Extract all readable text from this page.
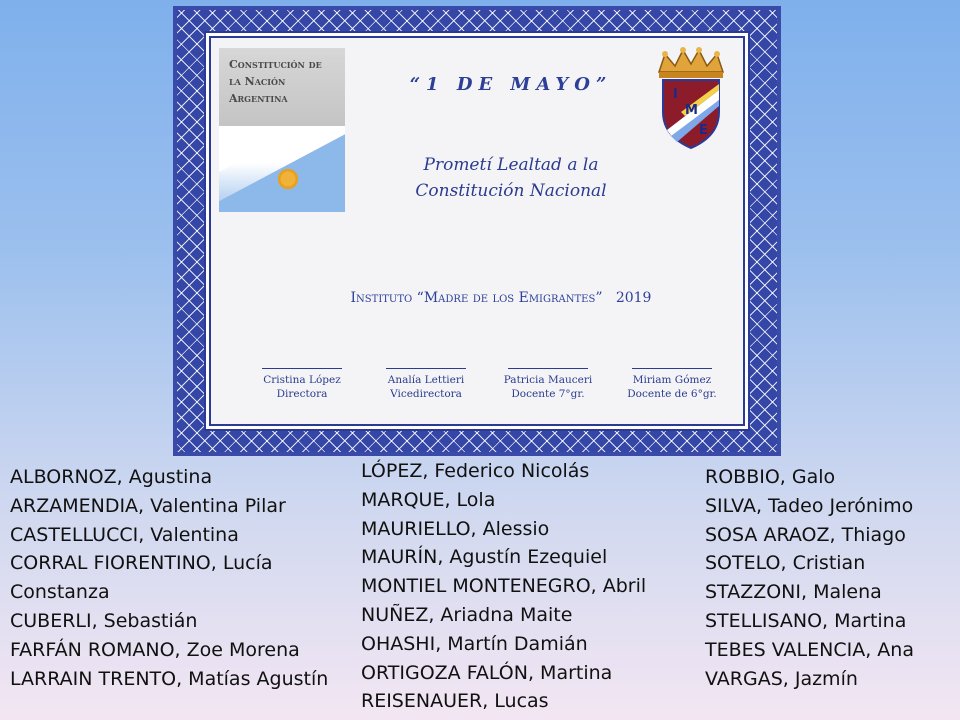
Constitución de la Nación Argentina
“1 DE MAYO”
Prometí Lealtad a la
Constitución Nacional
I
M
E
Instituto “Madre de los Emigrantes”   2019
Cristina López
Directora
Analía Lettieri
Vicedirectora
Patricia Mauceri
Docente 7°gr.
Miriam Gómez
Docente de 6°gr.
ALBORNOZ, Agustina
ARZAMENDIA, Valentina Pilar
CASTELLUCCI, Valentina
CORRAL FIORENTINO, Lucía
Constanza
CUBERLI, Sebastián
FARFÁN ROMANO, Zoe Morena
LARRAIN TRENTO, Matías Agustín
LÓPEZ, Federico Nicolás
MARQUE, Lola
MAURIELLO, Alessio
MAURÍN, Agustín Ezequiel
MONTIEL MONTENEGRO, Abril
NUÑEZ, Ariadna Maite
OHASHI, Martín Damián
ORTIGOZA FALÓN, Martina
REISENAUER, Lucas
ROBBIO, Galo
SILVA, Tadeo Jerónimo
SOSA ARAOZ, Thiago
SOTELO, Cristian
STAZZONI, Malena
STELLISANO, Martina
TEBES VALENCIA, Ana
VARGAS, Jazmín
